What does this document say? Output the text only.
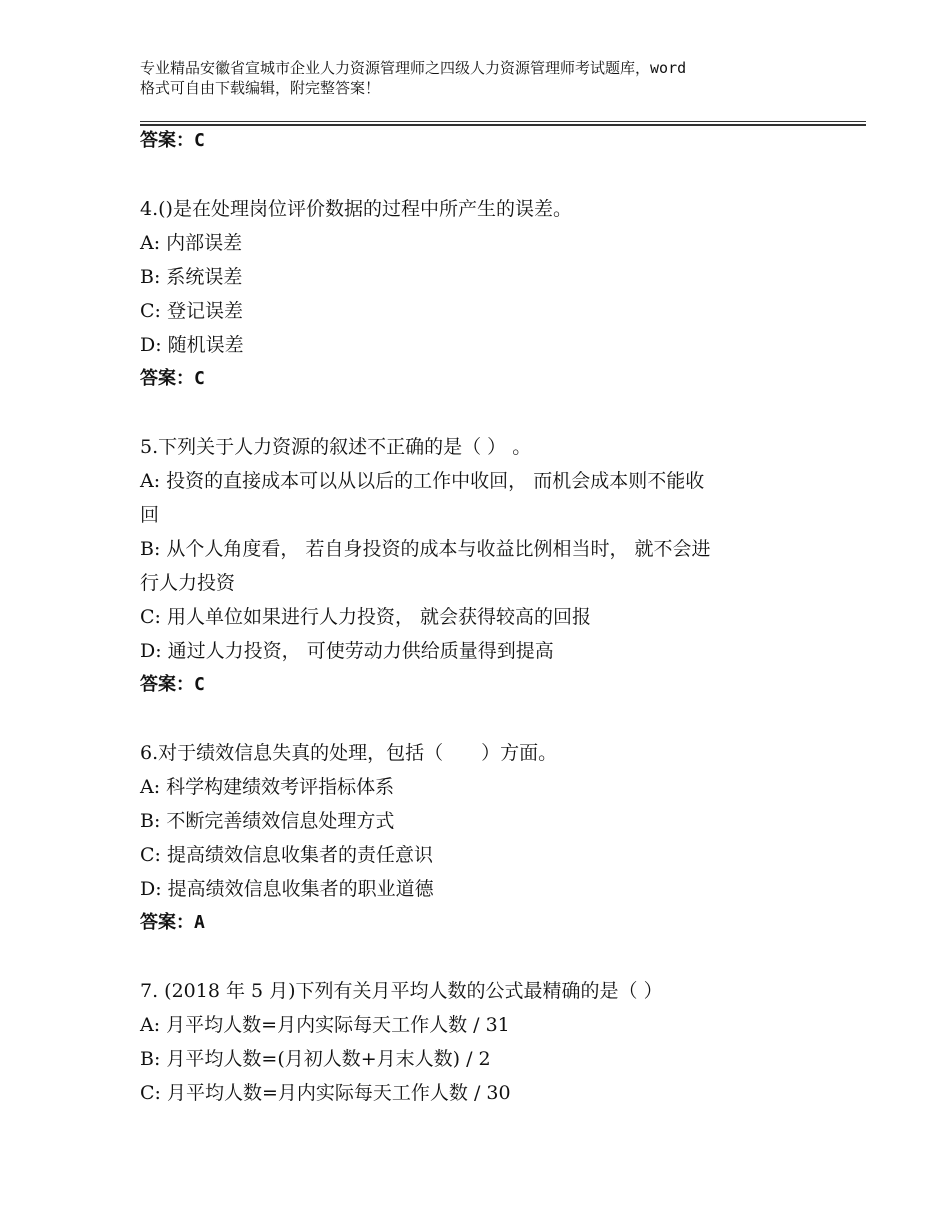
专业精品安徽省宣城市企业人力资源管理师之四级人力资源管理师考试题库，word
格式可自由下载编辑，附完整答案！
答案：C
4.()是在处理岗位评价数据的过程中所产生的误差。
A: 内部误差
B: 系统误差
C: 登记误差
D: 随机误差
答案：C
5.下列关于人力资源的叙述不正确的是（ ） 。
A: 投资的直接成本可以从以后的工作中收回， 而机会成本则不能收
回
B: 从个人角度看， 若自身投资的成本与收益比例相当时， 就不会进
行人力投资
C: 用人单位如果进行人力投资， 就会获得较高的回报
D: 通过人力投资， 可使劳动力供给质量得到提高
答案：C
6.对于绩效信息失真的处理，包括（　　）方面。
A: 科学构建绩效考评指标体系
B: 不断完善绩效信息处理方式
C: 提高绩效信息收集者的责任意识
D: 提高绩效信息收集者的职业道德
答案：A
7. (2018 年 5 月)下列有关月平均人数的公式最精确的是（ ）
A: 月平均人数=月内实际每天工作人数 / 31
B: 月平均人数=(月初人数+月末人数) / 2
C: 月平均人数=月内实际每天工作人数 / 30
